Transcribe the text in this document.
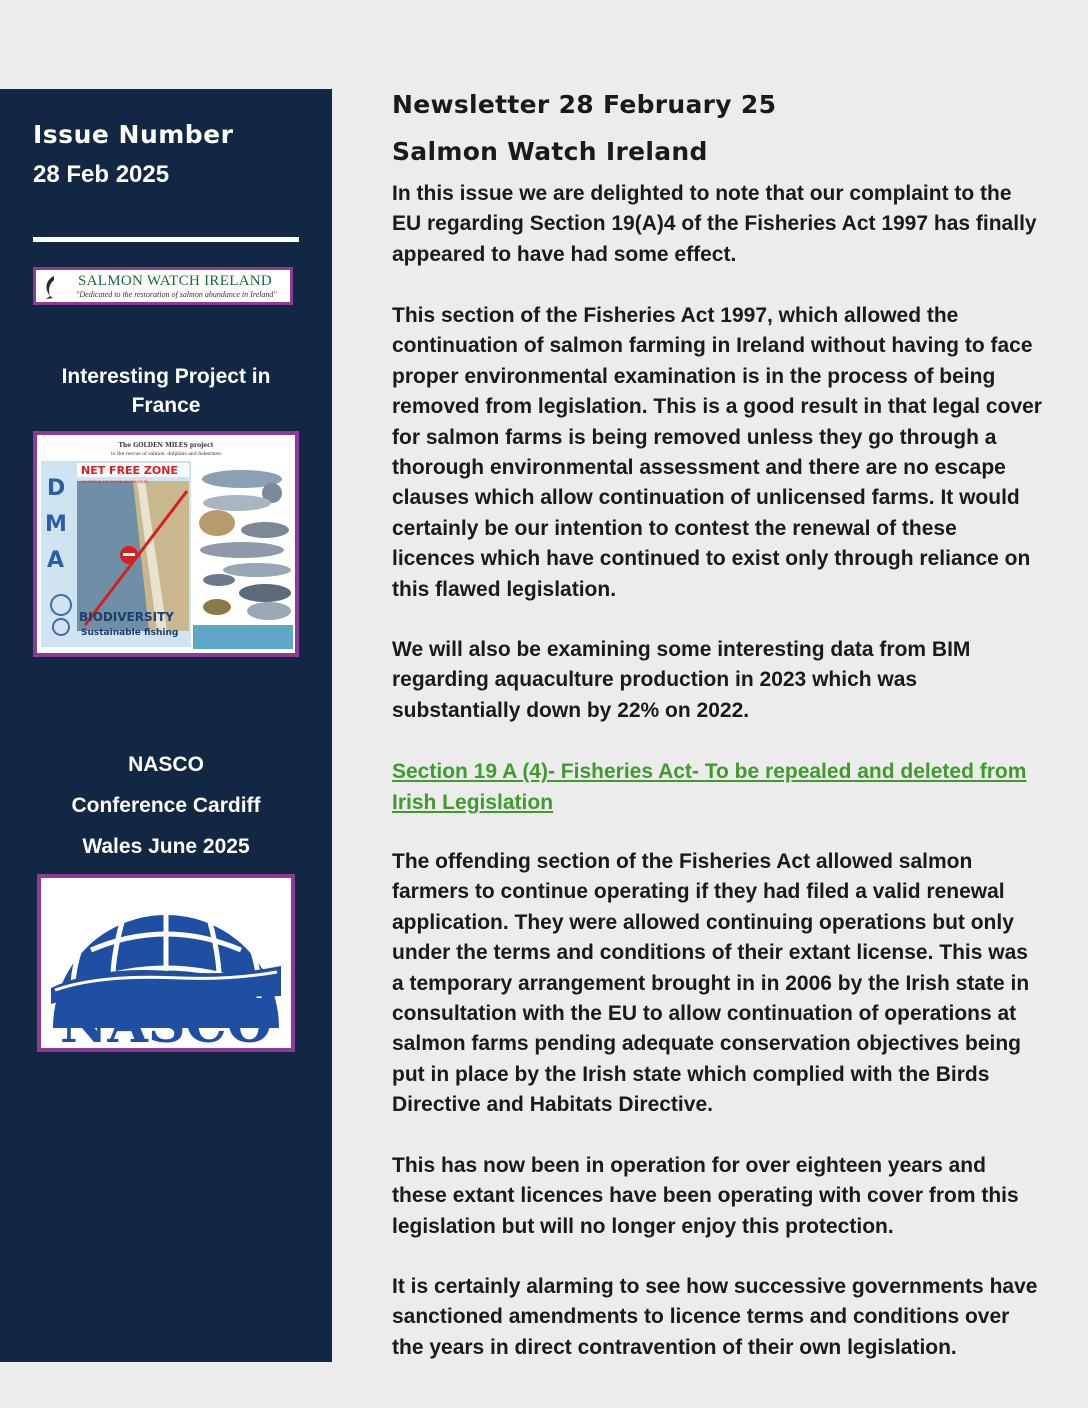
Issue Number
28 Feb 2025
SALMON WATCH IRELAND
"Dedicated to the restoration of salmon abundance in Ireland"
Interesting Project in
France
The GOLDEN MILES project
to the rescue of salmon, dolphins and fishermen
NET FREE ZONE
NO NETS IN THE THREE NAUTIC MILES
D
M
A
BIODIVERSITY
Sustainable fishing
NASCO
Conference Cardiff
Wales June 2025
NASCO
Newsletter 28 February 25
Salmon Watch Ireland

In this issue we are delighted to note that our complaint to the EU regarding Section 19(A)4 of the Fisheries Act 1997 has finally appeared to have had some effect.

This section of the Fisheries Act 1997, which allowed the continuation of salmon farming in Ireland without having to face proper environmental examination is in the process of being removed from legislation. This is a good result in that legal cover for salmon farms is being removed unless they go through a thorough environmental assessment and there are no escape clauses which allow continuation of unlicensed farms. It would certainly be our intention to contest the renewal of these licences which have continued to exist only through reliance on this flawed legislation.

We will also be examining some interesting data from BIM regarding aquaculture production in 2023 which was substantially down by 22% on 2022.

Section 19 A (4)- Fisheries Act- To be repealed and deleted from Irish Legislation

The offending section of the Fisheries Act allowed salmon farmers to continue operating if they had filed a valid renewal application. They were allowed continuing operations but only under the terms and conditions of their extant license. This was a temporary arrangement brought in in 2006 by the Irish state in consultation with the EU to allow continuation of operations at salmon farms pending adequate conservation objectives being put in place by the Irish state which complied with the Birds Directive and Habitats Directive.

This has now been in operation for over eighteen years and these extant licences have been operating with cover from this legislation but will no longer enjoy this protection.

It is certainly alarming to see how successive governments have sanctioned amendments to licence terms and conditions over the years in direct contravention of their own legislation.
